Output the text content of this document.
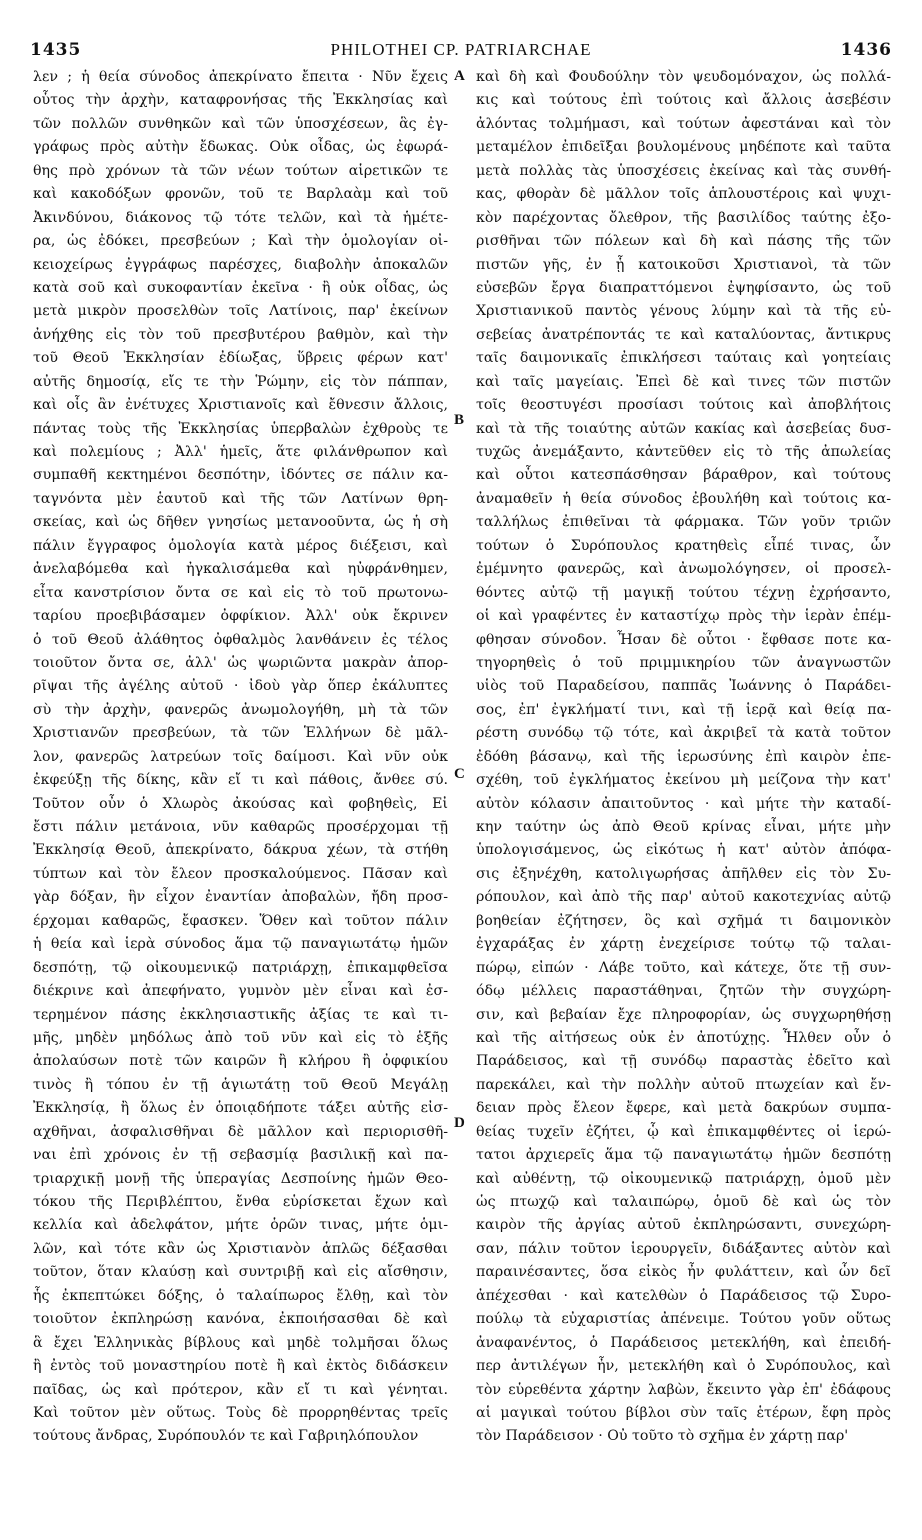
1435	PHILOTHEI CP. PATRIARCHAE	1436
λεν ; ἡ θεία σύνοδος ἀπεκρίνατο ἔπειτα · Νῦν ἔχεις
οὗτος τὴν ἀρχὴν, καταφρονήσας τῆς Ἐκκλησίας καὶ
τῶν πολλῶν συνθηκῶν καὶ τῶν ὑποσχέσεων, ἃς ἐγ-
γράφως πρὸς αὐτὴν ἔδωκας. Οὐκ οἶδας, ὡς ἐφωρά-
θης πρὸ χρόνων τὰ τῶν νέων τούτων αἱρετικῶν τε
καὶ κακοδόξων φρονῶν, τοῦ τε Βαρλαὰμ καὶ τοῦ
Ἀκινδύνου, διάκονος τῷ τότε τελῶν, καὶ τὰ ἡμέτε-
ρα, ὡς ἐδόκει, πρεσβεύων ; Καὶ τὴν ὁμολογίαν οἰ-
κειοχείρως ἐγγράφως παρέσχες, διαβολὴν ἀποκαλῶν
κατὰ σοῦ καὶ συκοφαντίαν ἐκεῖνα · ἢ οὐκ οἶδας, ὡς
μετὰ μικρὸν προσελθὼν τοῖς Λατίνοις, παρ' ἐκείνων
ἀνήχθης εἰς τὸν τοῦ πρεσβυτέρου βαθμὸν, καὶ τὴν
τοῦ Θεοῦ Ἐκκλησίαν ἐδίωξας, ὕβρεις φέρων κατ'
αὐτῆς δημοσίᾳ, εἴς τε τὴν Ῥώμην, εἰς τὸν πάππαν,
καὶ οἷς ἂν ἐνέτυχες Χριστιανοῖς καὶ ἔθνεσιν ἄλλοις,
πάντας τοὺς τῆς Ἐκκλησίας ὑπερβαλὼν ἐχθροὺς τε
καὶ πολεμίους ; Ἀλλ' ἡμεῖς, ἅτε φιλάνθρωπον καὶ
συμπαθῆ κεκτημένοι δεσπότην, ἰδόντες σε πάλιν κα-
ταγνόντα μὲν ἑαυτοῦ καὶ τῆς τῶν Λατίνων θρη-
σκείας, καὶ ὡς δῆθεν γνησίως μετανοοῦντα, ὡς ἡ σὴ
πάλιν ἔγγραφος ὁμολογία κατὰ μέρος διέξεισι, καὶ
ἀνελαβόμεθα καὶ ἠγκαλισάμεθα καὶ ηὐφράνθημεν,
εἶτα κανστρίσιον ὄντα σε καὶ εἰς τὸ τοῦ πρωτονω-
ταρίου προεβιβάσαμεν ὀφφίκιον. Ἀλλ' οὐκ ἔκρινεν
ὁ τοῦ Θεοῦ ἀλάθητος ὀφθαλμὸς λανθάνειν ἐς τέλος
τοιοῦτον ὄντα σε, ἀλλ' ὡς ψωριῶντα μακρὰν ἀπορ-
ρῖψαι τῆς ἀγέλης αὐτοῦ · ἰδοὺ γὰρ ὅπερ ἐκάλυπτες
σὺ τὴν ἀρχὴν, φανερῶς ἀνωμολογήθη, μὴ τὰ τῶν
Χριστιανῶν πρεσβεύων, τὰ τῶν Ἑλλήνων δὲ μᾶλ-
λον, φανερῶς λατρεύων τοῖς δαίμοσι. Καὶ νῦν οὐκ
ἐκφεύξῃ τῆς δίκης, κἂν εἴ τι καὶ πάθοις, ἄνθεε σύ.
Τοῦτον οὖν ὁ Χλωρὸς ἀκούσας καὶ φοβηθεὶς, Εἰ
ἔστι πάλιν μετάνοια, νῦν καθαρῶς προσέρχομαι τῇ
Ἐκκλησίᾳ Θεοῦ, ἀπεκρίνατο, δάκρυα χέων, τὰ στήθη
τύπτων καὶ τὸν ἔλεον προσκαλούμενος. Πᾶσαν καὶ
γὰρ δόξαν, ἣν εἶχον ἐναντίαν ἀποβαλὼν, ἤδη προσ-
έρχομαι καθαρῶς, ἔφασκεν. Ὅθεν καὶ τοῦτον πάλιν
ἡ θεία καὶ ἱερὰ σύνοδος ἅμα τῷ παναγιωτάτῳ ἡμῶν
δεσπότῃ, τῷ οἰκουμενικῷ πατριάρχῃ, ἐπικαμφθεῖσα
διέκρινε καὶ ἀπεφήνατο, γυμνὸν μὲν εἶναι καὶ ἐσ-
τερημένον πάσης ἐκκλησιαστικῆς ἀξίας τε καὶ τι-
μῆς, μηδὲν μηδόλως ἀπὸ τοῦ νῦν καὶ εἰς τὸ ἑξῆς
ἀπολαύσων ποτὲ τῶν καιρῶν ἢ κλήρου ἢ ὀφφικίου
τινὸς ἢ τόπου ἐν τῇ ἁγιωτάτῃ τοῦ Θεοῦ Μεγάλῃ
Ἐκκλησίᾳ, ἢ ὅλως ἐν ὁποιᾳδήποτε τάξει αὐτῆς εἰσ-
αχθῆναι, ἀσφαλισθῆναι δὲ μᾶλλον καὶ περιορισθῆ-
ναι ἐπὶ χρόνοις ἐν τῇ σεβασμίᾳ βασιλικῇ καὶ πα-
τριαρχικῇ μονῇ τῆς ὑπεραγίας Δεσποίνης ἡμῶν Θεο-
τόκου τῆς Περιβλέπτου, ἔνθα εὑρίσκεται ἔχων καὶ
κελλία καὶ ἀδελφάτον, μήτε ὁρῶν τινας, μήτε ὁμι-
λῶν, καὶ τότε κἂν ὡς Χριστιανὸν ἁπλῶς δέξασθαι
τοῦτον, ὅταν κλαύσῃ καὶ συντριβῇ καὶ εἰς αἴσθησιν,
ἧς ἐκπεπτώκει δόξης, ὁ ταλαίπωρος ἔλθῃ, καὶ τὸν
τοιοῦτον ἐκπληρώσῃ κανόνα, ἐκποιήσασθαι δὲ καὶ
ἃ ἔχει Ἑλληνικὰς βίβλους καὶ μηδὲ τολμῆσαι ὅλως
ἢ ἐντὸς τοῦ μοναστηρίου ποτὲ ἢ καὶ ἐκτὸς διδάσκειν
παῖδας, ὡς καὶ πρότερον, κἂν εἴ τι καὶ γένηται.
Καὶ τοῦτον μὲν οὕτως. Τοὺς δὲ προρρηθέντας τρεῖς
τούτους ἄνδρας, Συρόπουλόν τε καὶ Γαβριηλόπουλον
καὶ δὴ καὶ Φουδούλην τὸν ψευδομόναχον, ὡς πολλά-
κις καὶ τούτους ἐπὶ τούτοις καὶ ἄλλοις ἀσεβέσιν
ἀλόντας τολμήμασι, καὶ τούτων ἀφεστάναι καὶ τὸν
μεταμέλον ἐπιδεῖξαι βουλομένους μηδέποτε καὶ ταῦτα
μετὰ πολλὰς τὰς ὑποσχέσεις ἐκείνας καὶ τὰς συνθή-
κας, φθορὰν δὲ μᾶλλον τοῖς ἁπλουστέροις καὶ ψυχι-
κὸν παρέχοντας ὄλεθρον, τῆς βασιλίδος ταύτης ἐξο-
ρισθῆναι τῶν πόλεων καὶ δὴ καὶ πάσης τῆς τῶν
πιστῶν γῆς, ἐν ᾗ κατοικοῦσι Χριστιανοὶ, τὰ τῶν
εὐσεβῶν ἔργα διαπραττόμενοι ἐψηφίσαντο, ὡς τοῦ
Χριστιανικοῦ παντὸς γένους λύμην καὶ τὰ τῆς εὐ-
σεβείας ἀνατρέποντάς τε καὶ καταλύοντας, ἄντικρυς
ταῖς δαιμονικαῖς ἐπικλήσεσι ταύταις καὶ γοητείαις
καὶ ταῖς μαγείαις. Ἐπεὶ δὲ καὶ τινες τῶν πιστῶν
τοῖς θεοστυγέσι προσίασι τούτοις καὶ ἀποβλήτοις
καὶ τὰ τῆς τοιαύτης αὐτῶν κακίας καὶ ἀσεβείας δυσ-
τυχῶς ἀνεμάξαντο, κἀντεῦθεν εἰς τὸ τῆς ἀπωλείας
καὶ οὗτοι κατεσπάσθησαν βάραθρον, καὶ τούτους
ἀναμαθεῖν ἡ θεία σύνοδος ἐβουλήθη καὶ τούτοις κα-
ταλλήλως ἐπιθεῖναι τὰ φάρμακα. Τῶν γοῦν τριῶν
τούτων ὁ Συρόπουλος κρατηθεὶς εἶπέ τινας, ὧν
ἐμέμνητο φανερῶς, καὶ ἀνωμολόγησεν, οἱ προσελ-
θόντες αὐτῷ τῇ μαγικῇ τούτου τέχνῃ ἐχρήσαντο,
οἱ καὶ γραφέντες ἐν καταστίχῳ πρὸς τὴν ἱερὰν ἐπέμ-
φθησαν σύνοδον. Ἦσαν δὲ οὗτοι · ἔφθασε ποτε κα-
τηγορηθεὶς ὁ τοῦ πριμμικηρίου τῶν ἀναγνωστῶν
υἱὸς τοῦ Παραδείσου, παππᾶς Ἰωάννης ὁ Παράδει-
σος, ἐπ' ἐγκλήματί τινι, καὶ τῇ ἱερᾷ καὶ θείᾳ πα-
ρέστη συνόδῳ τῷ τότε, καὶ ἀκριβεῖ τὰ κατὰ τοῦτον
ἐδόθη βάσανῳ, καὶ τῆς ἱερωσύνης ἐπὶ καιρὸν ἐπε-
σχέθη, τοῦ ἐγκλήματος ἐκείνου μὴ μείζονα τὴν κατ'
αὐτὸν κόλασιν ἀπαιτοῦντος · καὶ μήτε τὴν καταδί-
κην ταύτην ὡς ἀπὸ Θεοῦ κρίνας εἶναι, μήτε μὴν
ὑπολογισάμενος, ὡς εἰκότως ἡ κατ' αὐτὸν ἀπόφα-
σις ἐξηνέχθη, κατολιγωρήσας ἀπῆλθεν εἰς τὸν Συ-
ρόπουλον, καὶ ἀπὸ τῆς παρ' αὐτοῦ κακοτεχνίας αὐτῷ
βοηθείαν ἐζήτησεν, ὃς καὶ σχῆμά τι δαιμονικὸν
ἐγχαράξας ἐν χάρτῃ ἐνεχείρισε τούτῳ τῷ ταλαι-
πώρῳ, εἰπών · Λάβε τοῦτο, καὶ κάτεχε, ὅτε τῇ συν-
όδῳ μέλλεις παραστάθηναι, ζητῶν τὴν συγχώρη-
σιν, καὶ βεβαίαν ἔχε πληροφορίαν, ὡς συγχωρηθήσῃ
καὶ τῆς αἰτήσεως οὐκ ἐν ἀποτύχῃς. Ἦλθεν οὖν ὁ
Παράδεισος, καὶ τῇ συνόδῳ παραστὰς ἐδεῖτο καὶ
παρεκάλει, καὶ τὴν πολλὴν αὐτοῦ πτωχείαν καὶ ἔν-
δειαν πρὸς ἔλεον ἔφερε, καὶ μετὰ δακρύων συμπα-
θείας τυχεῖν ἐζήτει, ᾧ καὶ ἐπικαμφθέντες οἱ ἱερώ-
τατοι ἀρχιερεῖς ἅμα τῷ παναγιωτάτῳ ἡμῶν δεσπότῃ
καὶ αὐθέντῃ, τῷ οἰκουμενικῷ πατριάρχῃ, ὁμοῦ μὲν
ὡς πτωχῷ καὶ ταλαιπώρῳ, ὁμοῦ δὲ καὶ ὡς τὸν
καιρὸν τῆς ἀργίας αὐτοῦ ἐκπληρώσαντι, συνεχώρη-
σαν, πάλιν τοῦτον ἱερουργεῖν, διδάξαντες αὐτὸν καὶ
παραινέσαντες, ὅσα εἰκὸς ἦν φυλάττειν, καὶ ὧν δεῖ
ἀπέχεσθαι · καὶ κατελθὼν ὁ Παράδεισος τῷ Συρο-
πούλῳ τὰ εὐχαριστίας ἀπένειμε. Τούτου γοῦν οὕτως
ἀναφανέντος, ὁ Παράδεισος μετεκλήθη, καὶ ἐπειδή-
περ ἀντιλέγων ἦν, μετεκλήθη καὶ ὁ Συρόπουλος, καὶ
τὸν εὑρεθέντα χάρτην λαβὼν, ἔκειντο γὰρ ἐπ' ἐδάφους
αἱ μαγικαὶ τούτου βίβλοι σὺν ταῖς ἑτέρων, ἔφη πρὸς
τὸν Παράδεισον · Οὐ τοῦτο τὸ σχῆμα ἐν χάρτῃ παρ'
A
B
C
D
